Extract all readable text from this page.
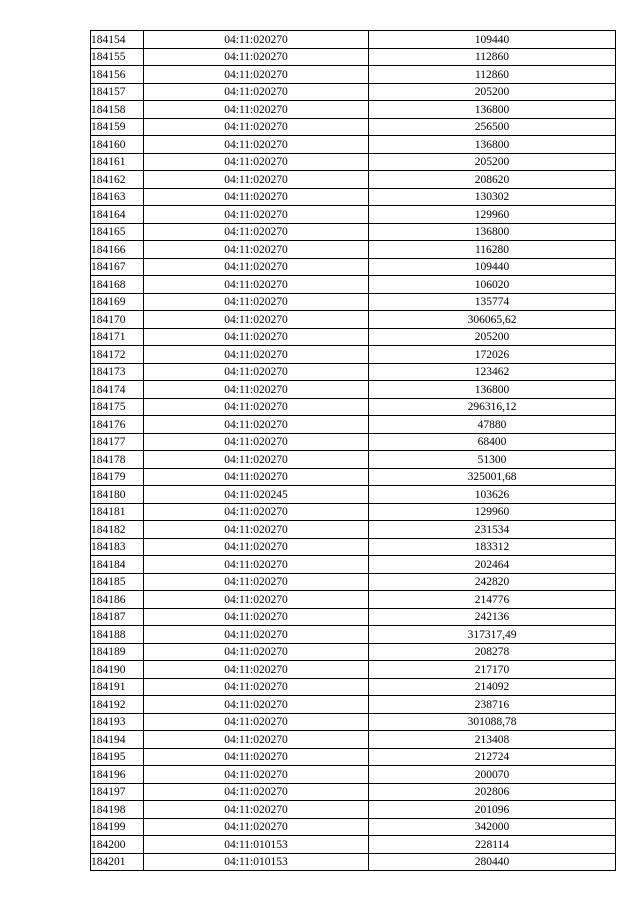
184154	04:11:020270	109440
184155	04:11:020270	112860
184156	04:11:020270	112860
184157	04:11:020270	205200
184158	04:11:020270	136800
184159	04:11:020270	256500
184160	04:11:020270	136800
184161	04:11:020270	205200
184162	04:11:020270	208620
184163	04:11:020270	130302
184164	04:11:020270	129960
184165	04:11:020270	136800
184166	04:11:020270	116280
184167	04:11:020270	109440
184168	04:11:020270	106020
184169	04:11:020270	135774
184170	04:11:020270	306065,62
184171	04:11:020270	205200
184172	04:11:020270	172026
184173	04:11:020270	123462
184174	04:11:020270	136800
184175	04:11:020270	296316,12
184176	04:11:020270	47880
184177	04:11:020270	68400
184178	04:11:020270	51300
184179	04:11:020270	325001,68
184180	04:11:020245	103626
184181	04:11:020270	129960
184182	04:11:020270	231534
184183	04:11:020270	183312
184184	04:11:020270	202464
184185	04:11:020270	242820
184186	04:11:020270	214776
184187	04:11:020270	242136
184188	04:11:020270	317317,49
184189	04:11:020270	208278
184190	04:11:020270	217170
184191	04:11:020270	214092
184192	04:11:020270	238716
184193	04:11:020270	301088,78
184194	04:11:020270	213408
184195	04:11:020270	212724
184196	04:11:020270	200070
184197	04:11:020270	202806
184198	04:11:020270	201096
184199	04:11:020270	342000
184200	04:11:010153	228114
184201	04:11:010153	280440
